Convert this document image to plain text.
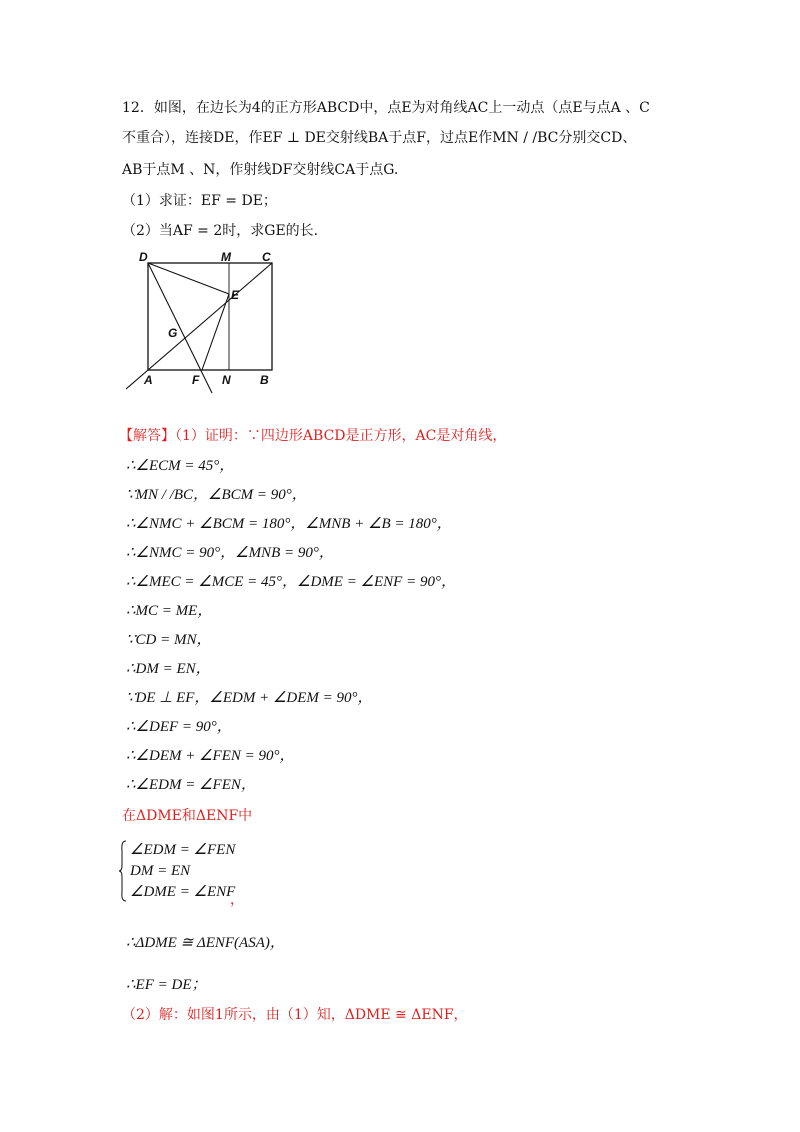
12．如图，在边长为4的正方形ABCD中，点E为对角线AC上一动点（点E与点A 、C
不重合），连接DE，作EF ⊥ DE交射线BA于点F，过点E作MN / /BC分别交CD、
AB于点M 、N，作射线DF交射线CA于点G.
（1）求证：EF = DE；
（2）当AF = 2时，求GE的长.
D	M	C
E
G
A	F N B
【解答】（1）证明：∵四边形ABCD是正方形，AC是对角线，
∴∠ECM = 45°，
∵MN / /BC，∠BCM = 90°，
∴∠NMC + ∠BCM = 180°，∠MNB + ∠B = 180°，
∴∠NMC = 90°，∠MNB = 90°，
∴∠MEC = ∠MCE = 45°，∠DME = ∠ENF = 90°，
∴MC = ME，
∵CD = MN，
∴DM = EN，
∵DE ⊥ EF，∠EDM + ∠DEM = 90°，
∴∠DEF = 90°，
∴∠DEM + ∠FEN = 90°，
∴∠EDM = ∠FEN，
在ΔDME和ΔENF中
∠EDM = ∠FEN
DM = EN
∠DME = ∠ENF
，
∴ΔDME ≅ ΔENF(ASA)，
∴EF = DE；
（2）解：如图1所示，由（1）知，ΔDME ≅ ΔENF，
